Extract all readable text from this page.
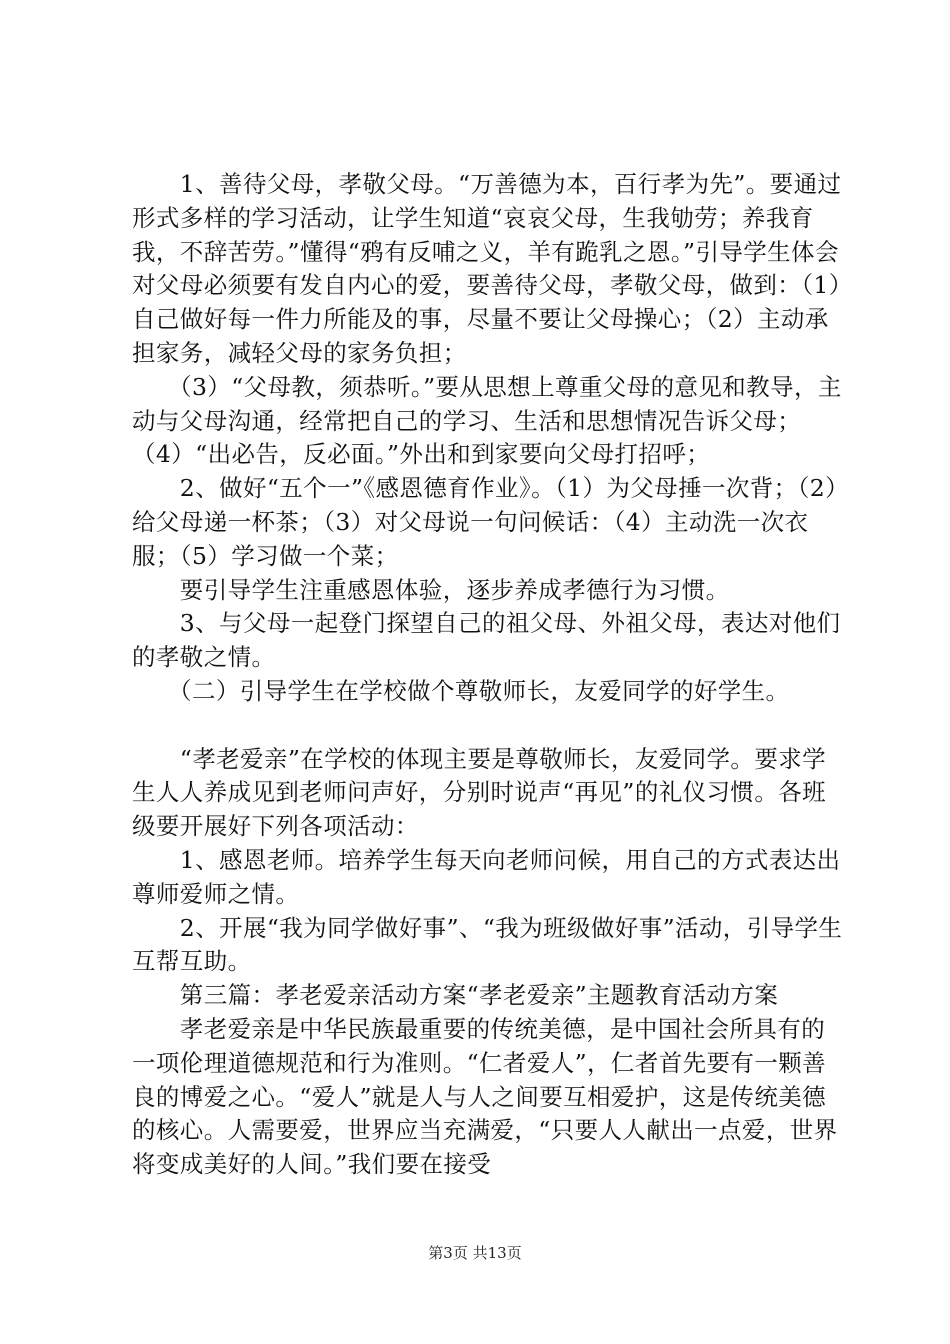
　　1、善待父母，孝敬父母。“万善德为本，百行孝为先”。要通过形式多样的学习活动，让学生知道“哀哀父母，生我劬劳；养我育我，不辞苦劳。”懂得“鸦有反哺之义，羊有跪乳之恩。”引导学生体会对父母必须要有发自内心的爱，要善待父母，孝敬父母，做到：（1）自己做好每一件力所能及的事，尽量不要让父母操心；（2）主动承担家务，减轻父母的家务负担；

　　（3）“父母教，须恭听。”要从思想上尊重父母的意见和教导，主动与父母沟通，经常把自己的学习、生活和思想情况告诉父母；（4）“出必告，反必面。”外出和到家要向父母打招呼；

　　2、做好“五个一”《感恩德育作业》。（1）为父母捶一次背；（2）给父母递一杯茶；（3）对父母说一句问候话：（4）主动洗一次衣服；（5）学习做一个菜；

　　要引导学生注重感恩体验，逐步养成孝德行为习惯。

　　3、与父母一起登门探望自己的祖父母、外祖父母，表达对他们的孝敬之情。

　　（二）引导学生在学校做个尊敬师长，友爱同学的好学生。

　　“孝老爱亲”在学校的体现主要是尊敬师长，友爱同学。要求学生人人养成见到老师问声好，分别时说声“再见”的礼仪习惯。各班级要开展好下列各项活动：

　　1、感恩老师。培养学生每天向老师问候，用自己的方式表达出尊师爱师之情。

　　2、开展“我为同学做好事”、“我为班级做好事”活动，引导学生互帮互助。

　　第三篇：孝老爱亲活动方案“孝老爱亲”主题教育活动方案

　　孝老爱亲是中华民族最重要的传统美德，是中国社会所具有的一项伦理道德规范和行为准则。“仁者爱人”，仁者首先要有一颗善良的博爱之心。“爱人”就是人与人之间要互相爱护，这是传统美德的核心。人需要爱，世界应当充满爱，“只要人人献出一点爱，世界将变成美好的人间。”我们要在接受

第3页 共13页
